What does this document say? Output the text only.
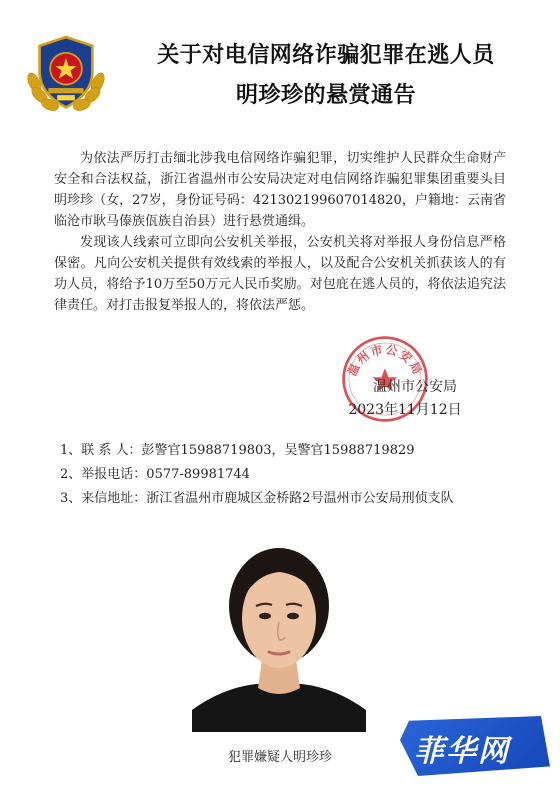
关于对电信网络诈骗犯罪在逃人员
明珍珍的悬赏通告

为依法严厉打击缅北涉我电信网络诈骗犯罪，切实维护人民群众生命财产安全和合法权益，浙江省温州市公安局决定对电信网络诈骗犯罪集团重要头目明珍珍（女，27岁，身份证号码：421302199607014820，户籍地：云南省临沧市耿马傣族佤族自治县）进行悬赏通缉。

发现该人线索可立即向公安机关举报，公安机关将对举报人身份信息严格保密。凡向公安机关提供有效线索的举报人，以及配合公安机关抓获该人的有功人员，将给予10万至50万元人民币奖励。对包庇在逃人员的，将依法追究法律责任。对打击报复举报人的，将依法严惩。

温州市公安局
温州市公安局
2023年11月12日
1、 联 系 人： 彭警官15988719803，吴警官15988719829
2、 举报电话： 0577-89981744
3、 来信地址： 浙江省温州市鹿城区金桥路2号温州市公安局刑侦支队
犯罪嫌疑人明珍珍	菲华网
